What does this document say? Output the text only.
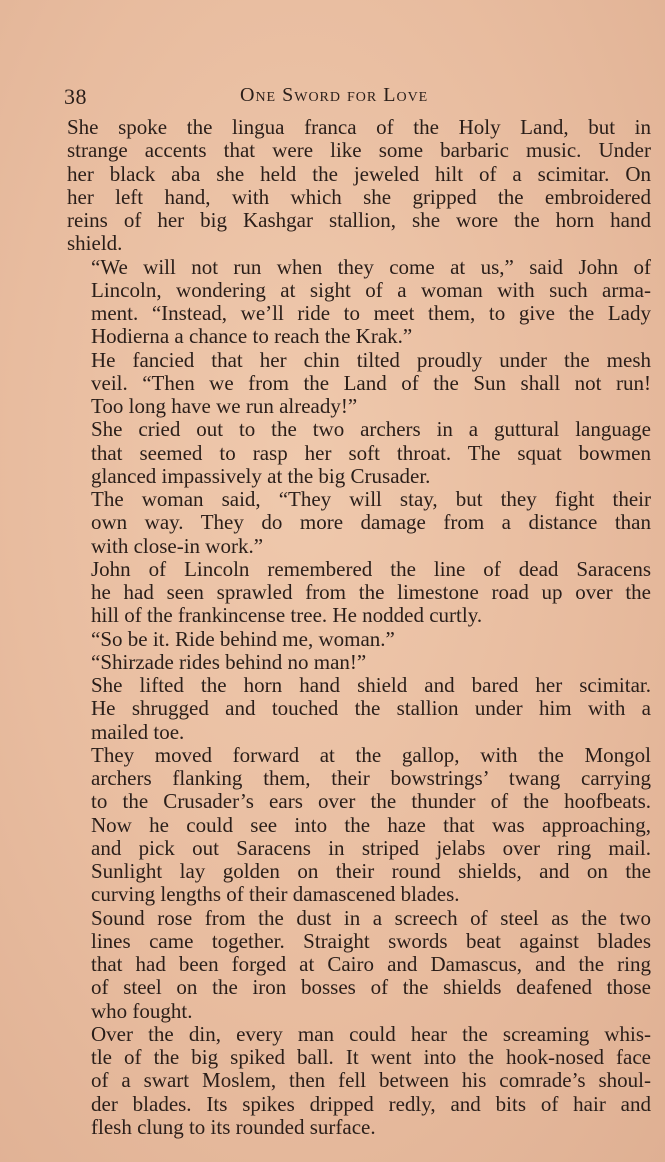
38	One Sword for Love

She spoke the lingua franca of the Holy Land, but in
strange accents that were like some barbaric music. Under
her black aba she held the jeweled hilt of a scimitar. On
her left hand, with which she gripped the embroidered
reins of her big Kashgar stallion, she wore the horn hand
shield.

“We will not run when they come at us,” said John of
Lincoln, wondering at sight of a woman with such arma-
ment. “Instead, we’ll ride to meet them, to give the Lady
Hodierna a chance to reach the Krak.”

He fancied that her chin tilted proudly under the mesh
veil. “Then we from the Land of the Sun shall not run!
Too long have we run already!”

She cried out to the two archers in a guttural language
that seemed to rasp her soft throat. The squat bowmen
glanced impassively at the big Crusader.

The woman said, “They will stay, but they fight their
own way. They do more damage from a distance than
with close-in work.”

John of Lincoln remembered the line of dead Saracens
he had seen sprawled from the limestone road up over the
hill of the frankincense tree. He nodded curtly.

“So be it. Ride behind me, woman.”

“Shirzade rides behind no man!”

She lifted the horn hand shield and bared her scimitar.
He shrugged and touched the stallion under him with a
mailed toe.

They moved forward at the gallop, with the Mongol
archers flanking them, their bowstrings’ twang carrying
to the Crusader’s ears over the thunder of the hoofbeats.
Now he could see into the haze that was approaching,
and pick out Saracens in striped jelabs over ring mail.
Sunlight lay golden on their round shields, and on the
curving lengths of their damascened blades.

Sound rose from the dust in a screech of steel as the two
lines came together. Straight swords beat against blades
that had been forged at Cairo and Damascus, and the ring
of steel on the iron bosses of the shields deafened those
who fought.

Over the din, every man could hear the screaming whis-
tle of the big spiked ball. It went into the hook-nosed face
of a swart Moslem, then fell between his comrade’s shoul-
der blades. Its spikes dripped redly, and bits of hair and
flesh clung to its rounded surface.
